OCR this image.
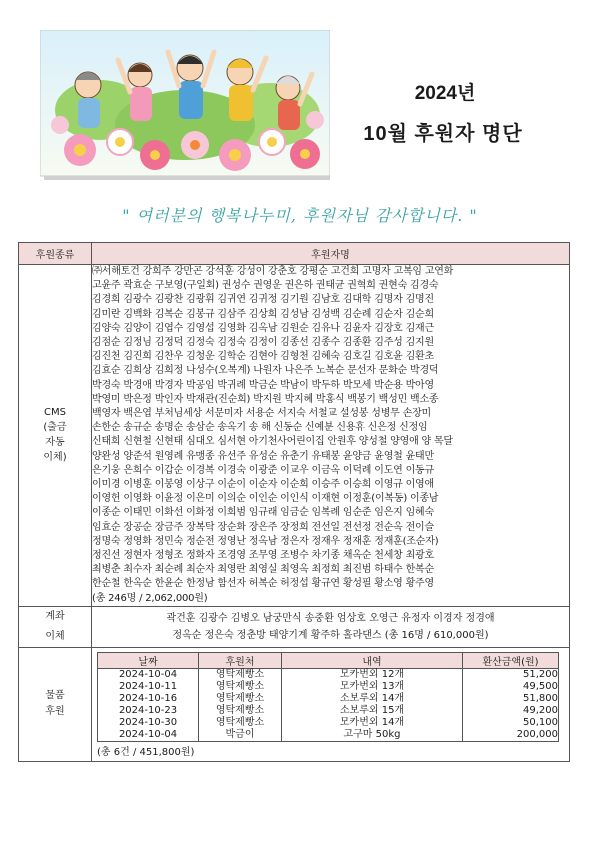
2024년
10월 후원자 명단
" 여러분의 행복나누미, 후원자님 감사합니다. "
후원종류	후원자명

CMS
(출금
자동
이체)

㈜서해토건 강희주 강만곤 강석훈 강성이 강춘호 강평순 고건희 고명자 고복임 고연화
고윤주 곽효순 구보영(구일회) 권성수 권영운 권은하 권태균 권혁희 권현숙 김경숙
김경희 김광수 김광찬 김광휘 김귀연 김귀정 김기원 김남호 김대학 김명자 김명진
김미란 김백화 김복순 김봉규 김삼주 김상희 김성남 김성백 김순례 김순자 김순희
김양숙 김양이 김엽수 김영섭 김영화 김옥남 김원순 김유나 김윤자 김장호 김재근
김점순 김정님 김정덕 김정숙 김정숙 김정이 김종선 김종수 김종환 김주성 김지원
김진천 김진희 김찬우 김청운 김학순 김현아 김형천 김혜숙 김호길 김호윤 김환초
김효순 김희상 김희정 나성수(오복계) 나원자 나은주 노복순 문선자 문화순 박경덕
박경숙 박경애 박경자 박공임 박귀례 박금순 박남이 박두하 박모세 박순용 박아영
박영미 박은정 박인자 박재관(진순희) 박지원 박지혜 박홍식 백봉기 백성민 백소종
백영자 백은엽 부처님세상 서문미자 서용순 서지숙 서철교 설성봉 성병무 손장미
손한순 송규순 송명순 송삼순 송옥기 송 해 신동순 신예분 신용휴 신은정 신정임
신태희 신현철 신현태 심대오 심서현 아기천사어린이집 안원후 양성철 양영애 양 목달
양완성 양준석 원영례 유맹종 유선주 유성순 유춘기 유태봉 윤양금 윤영철 윤태만
은기웅 은희수 이갑순 이경복 이경숙 이광준 이교우 이금옥 이덕례 이도연 이동규
이미경 이병훈 이봉영 이상구 이순이 이순자 이순희 이승주 이승희 이영규 이영애
이영헌 이영화 이윤정 이은미 이의순 이인순 이인식 이재현 이정훈(이복동) 이종남
이종순 이태민 이화선 이화정 이희범 임규래 임금순 임복례 임순준 임은지 임혜숙
임효순 장공순 장금주 장복탁 장순화 장은주 장정희 전선일 전선정 전순옥 전이슬
정명숙 정영화 정민숙 정순전 정영난 정옥남 정은자 정재우 정재훈 정재훈(조순자)
정진선 정현자 정형조 정화자 조경영 조무영 조병수 차기종 채옥순 천세창 최광호
최병춘 최수자 최순례 최순자 최영란 최영실 최영옥 최정희 최진범 하태수 한복순
한순철 한옥순 한윤순 한정남 함선자 허복순 허정섭 황규연 황성필 황소영 황주영
(총 246명 / 2,062,000원)

계좌
이체

곽건훈 김광수 김병오 남궁만식 송중환 엄상호 오영근 유정자 이경자 정경애
정옥순 정은숙 정춘방 태양기계 황주하 홀라댄스 (총 16명 / 610,000원)

물품
후원

날짜	후원처	내역	환산금액(원)
2024-10-04	영탁제빵소	모카번외 12개	51,200
2024-10-11	영탁제빵소	모카번외 13개	49,500
2024-10-16	영탁제빵소	소보루외 14개	51,800
2024-10-23	영탁제빵소	소보루외 15개	49,200
2024-10-30	영탁제빵소	모카번외 14개	50,100
2024-10-04	박금이	고구마 50kg	200,000
(총 6건 / 451,800원)
